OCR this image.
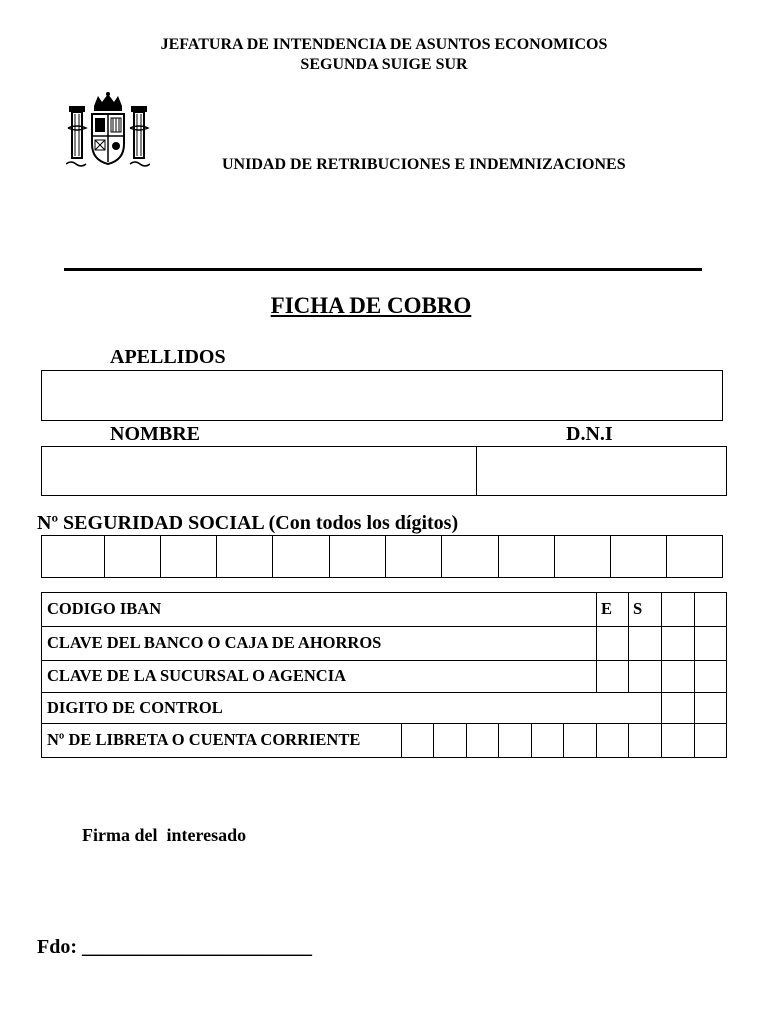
JEFATURA DE INTENDENCIA DE ASUNTOS ECONOMICOS
SEGUNDA SUIGE SUR
UNIDAD DE RETRIBUCIONES E INDEMNIZACIONES
FICHA DE COBRO
APELLIDOS
NOMBRE	D.N.I
Nº SEGURIDAD SOCIAL (Con todos los dígitos)
CODIGO IBAN	E S
CLAVE DEL BANCO O CAJA DE AHORROS
CLAVE DE LA SUCURSAL O AGENCIA
DIGITO DE CONTROL
Nº DE LIBRETA O CUENTA CORRIENTE
Firma del  interesado
Fdo: _______________________
